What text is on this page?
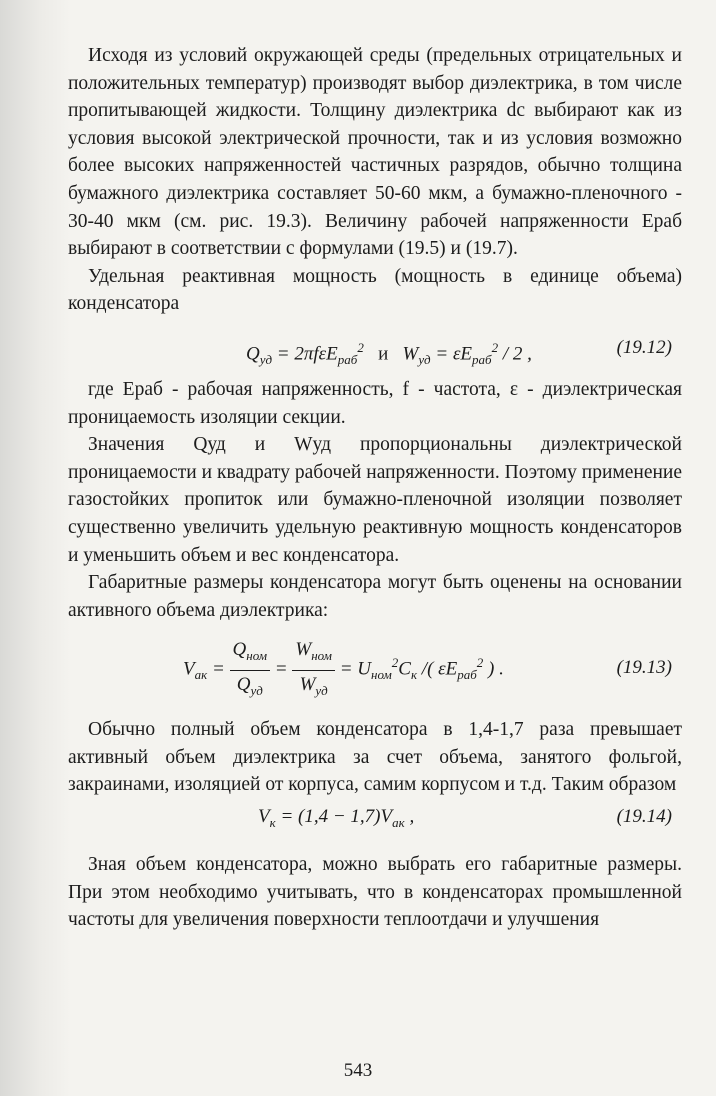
Исходя из условий окружающей среды (предельных отрицательных и положительных температур) производят выбор диэлектрика, в том числе пропитывающей жидкости. Толщину диэлектрика dс выбирают как из условия высокой электрической прочности, так и из условия возможно более высоких напряженностей частичных разрядов, обычно толщина бумажного диэлектрика составляет 50-60 мкм, а бумажно-пленочного - 30-40 мкм (см. рис. 19.3). Величину рабочей напряженности Eраб выбирают в соответствии с формулами (19.5) и (19.7).

Удельная реактивная мощность (мощность в единице объема) конденсатора

$Q_{уд} = 2\pi f\varepsilon E_{раб}^2$ и   $W_{уд} = \varepsilon E_{раб}^2 / 2$ ,	(19.12)

где Eраб - рабочая напряженность, f - частота, ε - диэлектрическая проницаемость изоляции секции.

Значения Qуд и Wуд пропорциональны диэлектрической проницаемости и квадрату рабочей напряженности. Поэтому применение газостойких пропиток или бумажно-пленочной изоляции позволяет существенно увеличить удельную реактивную мощность конденсаторов и уменьшить объем и вес конденсатора.

Габаритные размеры конденсатора могут быть оценены на основании активного объема диэлектрика:

$V_{ак} = \frac{Q_{ном}}{Q_{уд}} = \frac{W_{ном}}{W_{уд}} = U_{ном}^2C_к$ /( $\varepsilon E_{раб}^2$ ) .	(19.13)

Обычно полный объем конденсатора в 1,4-1,7 раза превышает активный объем диэлектрика за счет объема, занятого фольгой, закраинами, изоляцией от корпуса, самим корпусом и т.д. Таким образом

$V_к = (1,4 - 1,7)V_{ак}$ ,	(19.14)

Зная объем конденсатора, можно выбрать его габаритные размеры. При этом необходимо учитывать, что в конденсаторах промышленной частоты для увеличения поверхности теплоотдачи и улучшения

543
